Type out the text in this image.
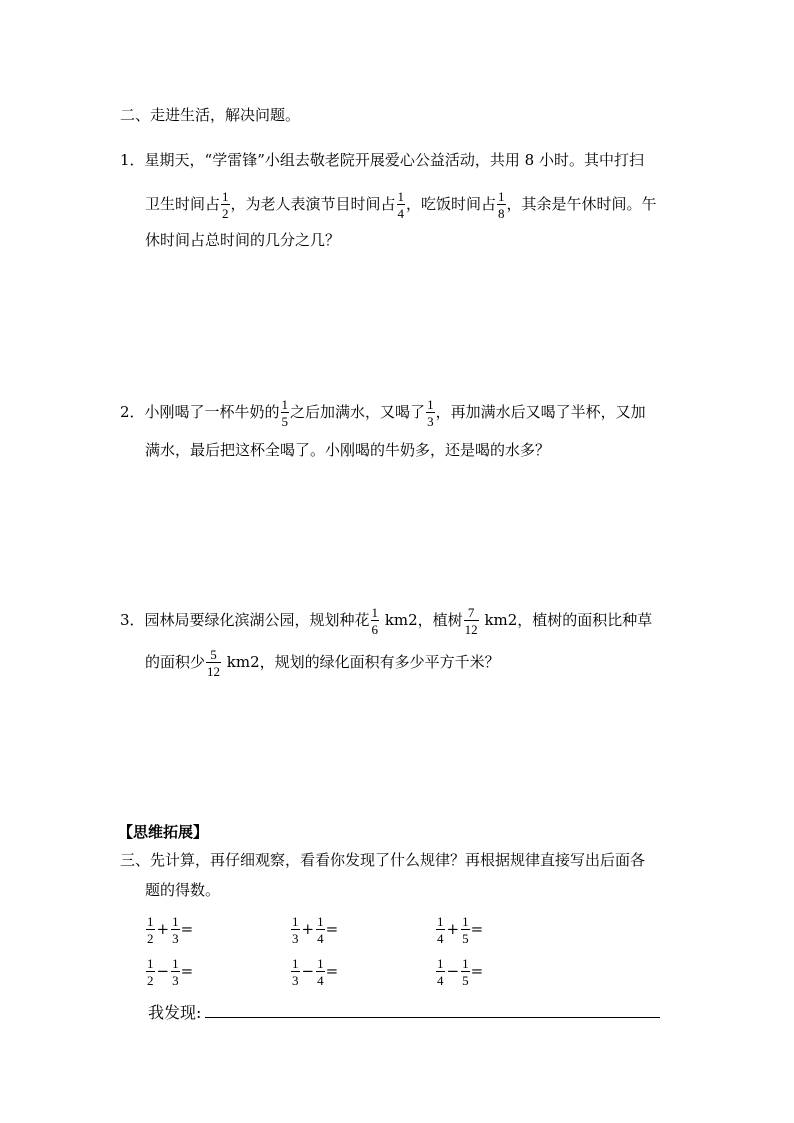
二、走进生活，解决问题。
1．星期天，“学雷锋”小组去敬老院开展爱心公益活动，共用 8 小时。其中打扫
卫生时间占 $\frac{1}{2}$ ，为老人表演节目时间占 $\frac{1}{4}$ ，吃饭时间占 $\frac{1}{8}$ ，其余是午休时间。午
休时间占总时间的几分之几？
2．小刚喝了一杯牛奶的 $\frac{1}{5}$ 之后加满水，又喝了 $\frac{1}{3}$ ，再加满水后又喝了半杯，又加
满水，最后把这杯全喝了。小刚喝的牛奶多，还是喝的水多？
3．园林局要绿化滨湖公园，规划种花 $\frac{1}{6} km2$，植树 $\frac{7}{12} km2$，植树的面积比种草
的面积少 $\frac{5}{12} km2$，规划的绿化面积有多少平方千米？
【思维拓展】
三、先计算，再仔细观察，看看你发现了什么规律？再根据规律直接写出后面各
题的得数。
$\frac{1}{2} + \frac{1}{3}$ =	$\frac{1}{3} + \frac{1}{4}$ =	$\frac{1}{4} + \frac{1}{5}$ =
$\frac{1}{2} - \frac{1}{3}$ =	$\frac{1}{3} - \frac{1}{4}$ =	$\frac{1}{4} - \frac{1}{5}$ =
我发现:
